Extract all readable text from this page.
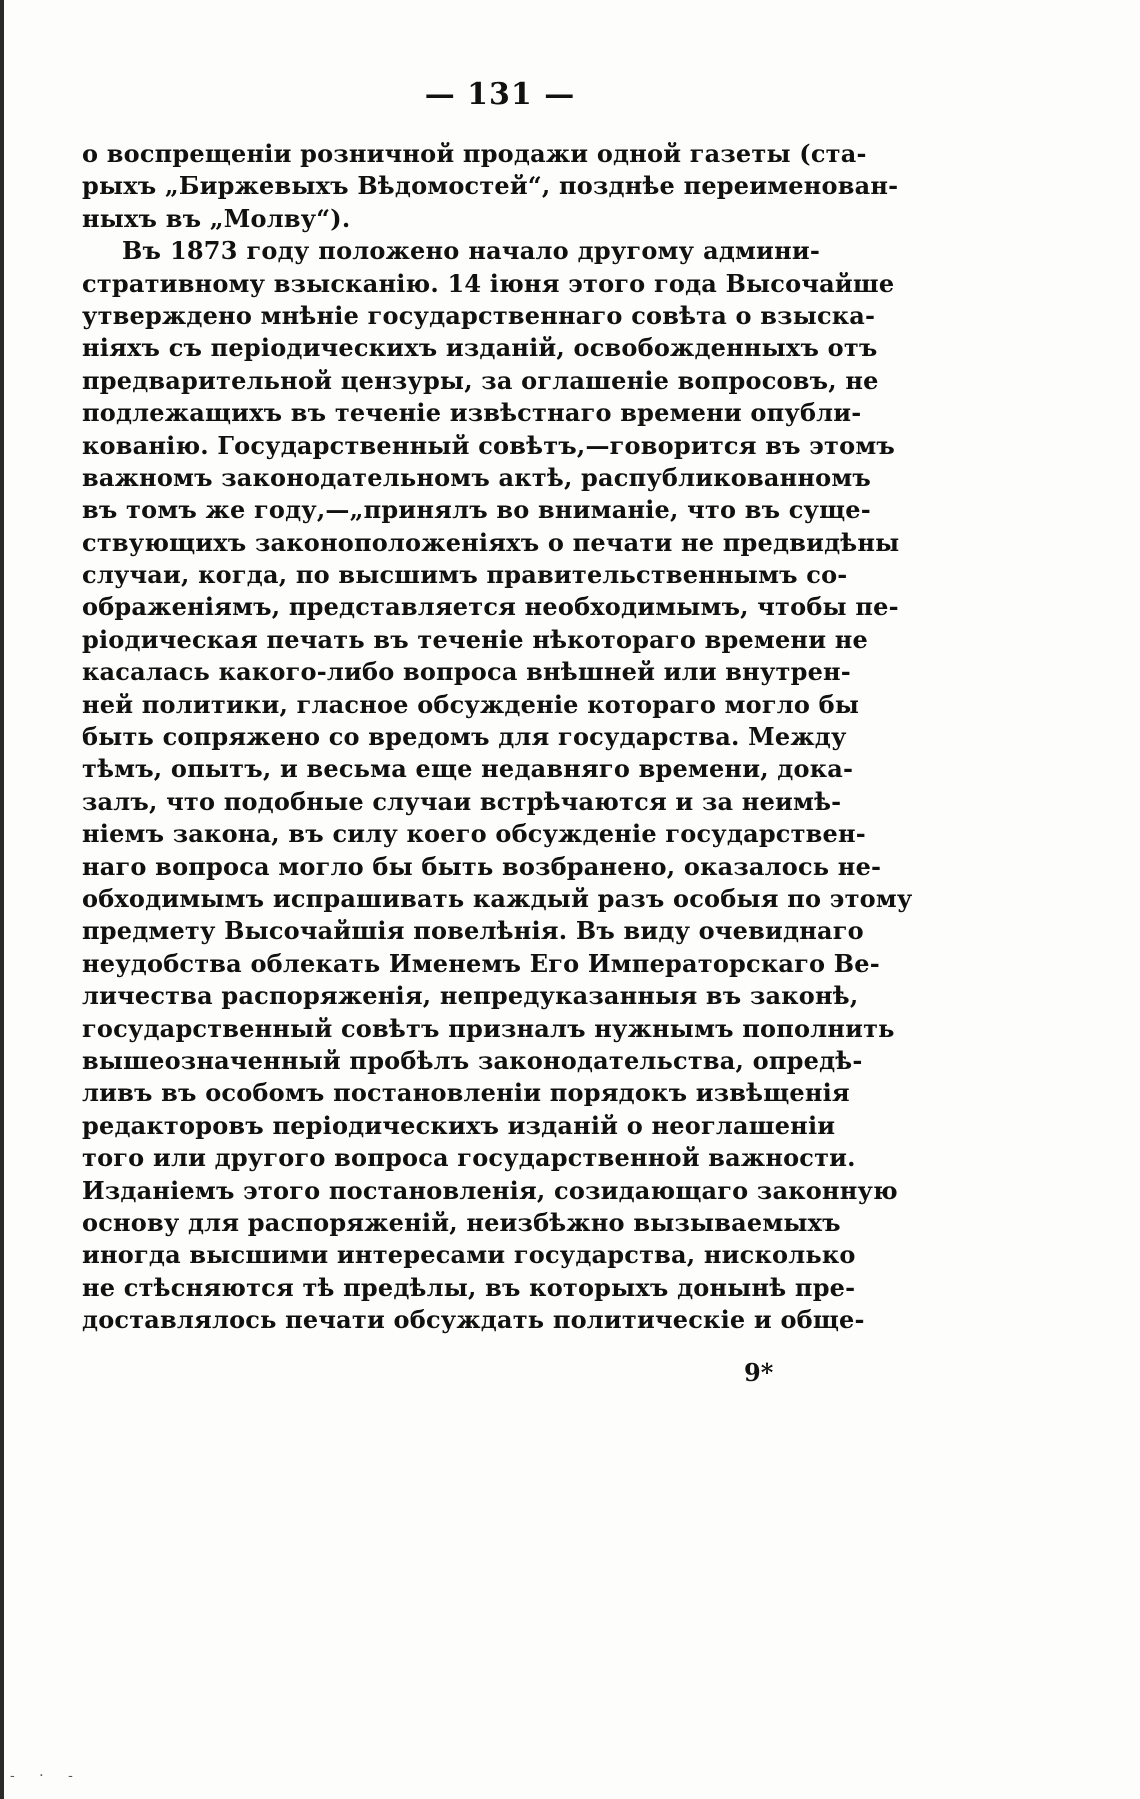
— 131 —
о воспрещенiи розничной продажи одной газеты (ста-
рыхъ „Биржевыхъ Вѣдомостей“, позднѣе переименован-
ныхъ въ „Молву“).
Въ 1873 году положено начало другому админи-
стративному взысканiю. 14 iюня этого года Высочайше
утверждено мнѣнiе государственнаго совѣта о взыска-
нiяхъ съ перiодическихъ изданiй, освобожденныхъ отъ
предварительной цензуры, за оглашенiе вопросовъ, не
подлежащихъ въ теченiе извѣстнаго времени опубли-
кованiю. Государственный совѣтъ,—говорится въ этомъ
важномъ законодательномъ актѣ, распубликованномъ
въ томъ же году,—„принялъ во вниманiе, что въ суще-
ствующихъ законоположенiяхъ о печати не предвидѣны
случаи, когда, по высшимъ правительственнымъ со-
ображенiямъ, представляется необходимымъ, чтобы пе-
рiодическая печать въ теченiе нѣкотораго времени не
касалась какого-либо вопроса внѣшней или внутрен-
ней политики, гласное обсужденiе котораго могло бы
быть сопряжено со вредомъ для государства. Между
тѣмъ, опытъ, и весьма еще недавняго времени, дока-
залъ, что подобные случаи встрѣчаются и за неимѣ-
нiемъ закона, въ силу коего обсужденiе государствен-
наго вопроса могло бы быть возбранено, оказалось не-
обходимымъ испрашивать каждый разъ особыя по этому
предмету Высочайшiя повелѣнiя. Въ виду очевиднаго
неудобства облекать Именемъ Его Императорскаго Ве-
личества распоряженiя, непредуказанныя въ законѣ,
государственный совѣтъ призналъ нужнымъ пополнить
вышеозначенный пробѣлъ законодательства, опредѣ-
ливъ въ особомъ постановленiи порядокъ извѣщенiя
редакторовъ перiодическихъ изданiй о неоглашенiи
того или другого вопроса государственной важности.
Изданiемъ этого постановленiя, созидающаго законную
основу для распоряженiй, неизбѣжно вызываемыхъ
иногда высшими интересами государства, нисколько
не стѣсняются тѣ предѣлы, въ которыхъ донынѣ пре-
доставлялось печати обсуждать политическiе и обще-
9*
- · -
